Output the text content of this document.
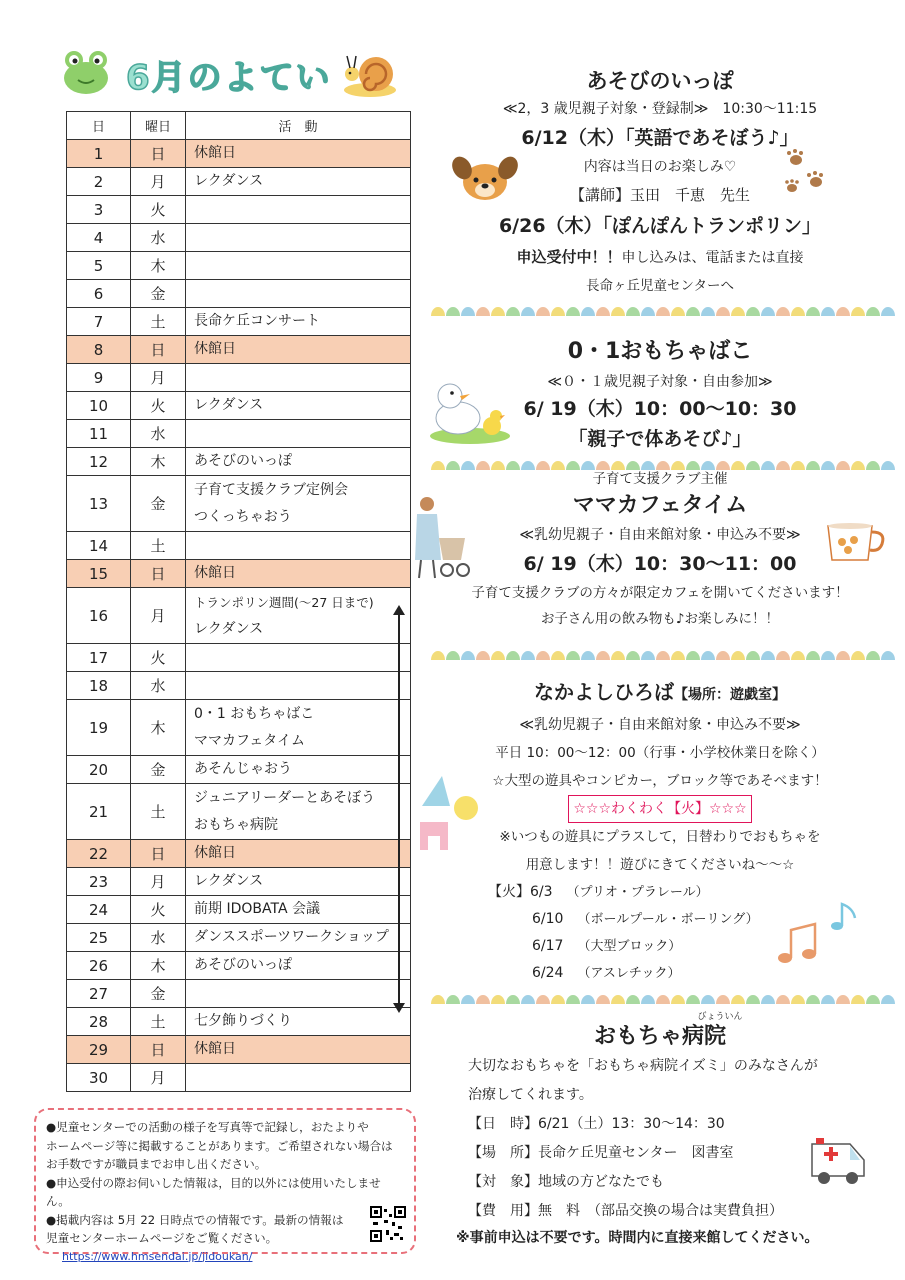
6月のよてい
日	曜日	活　動
1	日	休館日

2	月	レクダンス

3	火	

4	水	

5	木	

6	金	

7	土	長命ケ丘コンサート

8	日	休館日

9	月	

10	火	レクダンス

11	水	

12	木	あそびのいっぽ

13	金	子育て支援クラブ定例会
つくっちゃおう

14	土	

15	日	休館日

16	月	トランポリン週間(～27 日まで)
レクダンス

17	火	

18	水	

19	木	0・1 おもちゃばこ
ママカフェタイム

20	金	あそんじゃおう

21	土	ジュニアリーダーとあそぼう
おもちゃ病院

22	日	休館日

23	月	レクダンス

24	火	前期 IDOBATA 会議

25	水	ダンススポーツワークショップ

26	木	あそびのいっぽ

27	金	

28	土	七夕飾りづくり

29	日	休館日

30	月	
●児童センターでの活動の様子を写真等で記録し，おたよりや
ホームページ等に掲載することがあります。ご希望されない場合は
お手数ですが職員までお申し出ください。
●申込受付の際お伺いした情報は，目的以外には使用いたしません。
●掲載内容は 5月 22 日時点での情報です。最新の情報は
児童センターホームページをご覧ください。
https://www.hmsendai.jp/jidoukan/
あそびのいっぽ
≪2，3 歳児親子対象・登録制≫　10:30～11:15
6/12（木）「英語であそぼう♪」
内容は当日のお楽しみ♡
【講師】玉田　千恵　先生
6/26（木）「ぽんぽんトランポリン」
申込受付中！！申し込みは、電話または直接
長命ヶ丘児童センターへ
0・1おもちゃばこ
≪０・１歳児親子対象・自由参加≫
6/ 19（木）10：00～10：30
「親子で体あそび♪」
子育て支援クラブ主催
ママカフェタイム
≪乳幼児親子・自由来館対象・申込み不要≫
6/ 19（木）10：30～11：00
子育て支援クラブの方々が限定カフェを開いてくださいます！
お子さん用の飲み物も♪お楽しみに！！
なかよしひろば【場所：遊戯室】
≪乳幼児親子・自由来館対象・申込み不要≫
平日 10：00～12：00（行事・小学校休業日を除く）
☆大型の遊具やコンピカー，ブロック等であそべます！
☆☆☆わくわく【火】☆☆☆
※いつもの遊具にプラスして，日替わりでおもちゃを
用意します！！遊びにきてくださいね～～☆
【火】6/3 （プリオ・プラレール）
6/10 （ボールプール・ボーリング）
6/17 （大型ブロック）
6/24 （アスレチック）
びょういん
おもちゃ病院
大切なおもちゃを「おもちゃ病院イズミ」のみなさんが
治療してくれます。
【日　時】6/21（土）13：30～14：30
【場　所】長命ケ丘児童センター　図書室
【対　象】地域の方どなたでも
【費　用】無　料　（部品交換の場合は実費負担）
※事前申込は不要です。時間内に直接来館してください。
